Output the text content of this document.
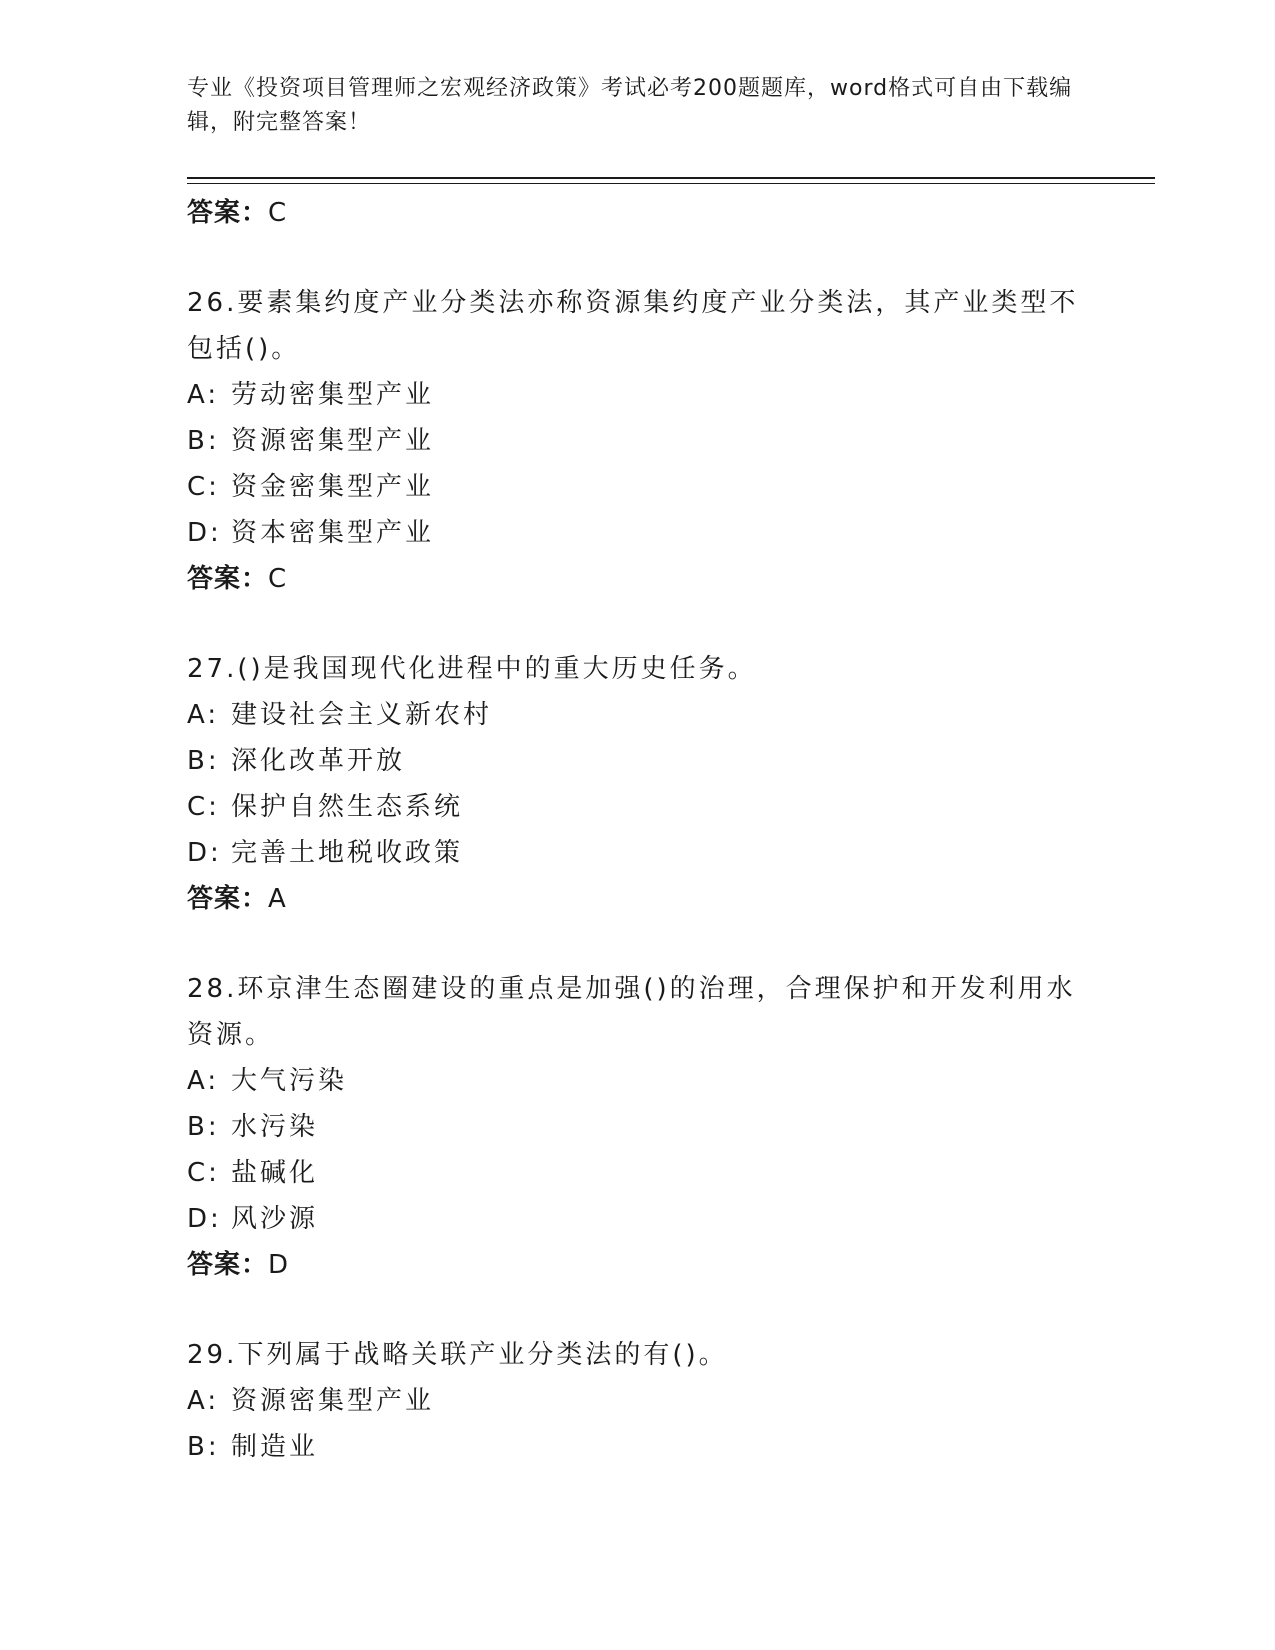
专业《投资项目管理师之宏观经济政策》考试必考200题题库，word格式可自由下载编辑，附完整答案！
答案：C
26.要素集约度产业分类法亦称资源集约度产业分类法，其产业类型不包括()。
A: 劳动密集型产业
B: 资源密集型产业
C: 资金密集型产业
D: 资本密集型产业
答案：C
27.()是我国现代化进程中的重大历史任务。
A: 建设社会主义新农村
B: 深化改革开放
C: 保护自然生态系统
D: 完善土地税收政策
答案：A
28.环京津生态圈建设的重点是加强()的治理，合理保护和开发利用水资源。
A: 大气污染
B: 水污染
C: 盐碱化
D: 风沙源
答案：D
29.下列属于战略关联产业分类法的有()。
A: 资源密集型产业
B: 制造业
